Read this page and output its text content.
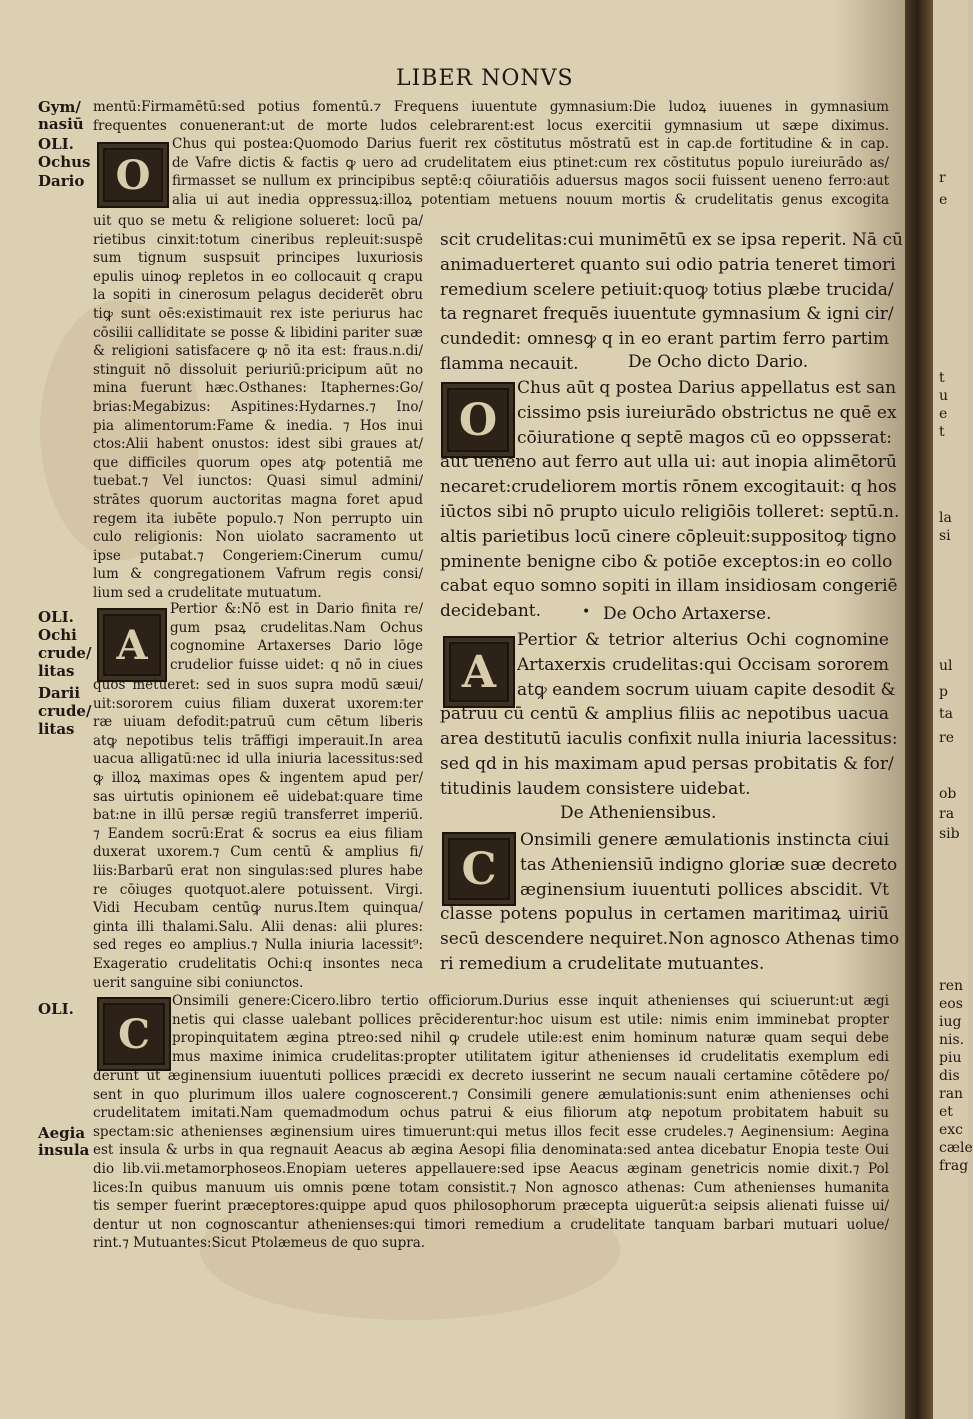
r
e
t
u
e
t
la
si
ul
p
ta
re
ob
ra
sib
ren
eos
iug
nis.
piu
dis
ran
et
exc
cæle
frag
LIBER NONVS
Gym/
nasiū
OLI.
Ochus
Dario
OLI.
Ochi
crude/
litas
Darii
crude/
litas
OLI.
Aegia
insula
mentū:Firmamētū:sed potius fomentū.⁊ Frequens iuuentute gymnasium:Die ludoꝝ iuuenes in gymnasium
frequentes conuenerant:ut de morte ludos celebrarent:est locus exercitii gymnasium ut sæpe diximus.
Chus qui postea:Quomodo Darius fuerit rex cōstitutus mōstratū est in cap.de fortitudine & in cap.
de Vafre dictis & factis ꝙ uero ad crudelitatem eius ptinet:cum rex cōstitutus populo iureiurādo as/
firmasset se nullum ex principibus septē:q cōiuratiōis aduersus magos socii fuissent ueneno ferro:aut
alia ui aut inedia oppressuꝝ:illoꝝ potentiam metuens nouum mortis & crudelitatis genus excogita
O
uit quo se metu & religione solueret: locū pa/
rietibus cinxit:totum cineribus repleuit:suspē
sum tignum suspsuit principes luxuriosis
epulis uinoꝙ repletos in eo collocauit q crapu
la sopiti in cinerosum pelagus deciderēt obru
tiꝙ sunt oēs:existimauit rex iste periurus hac
cōsilii calliditate se posse & libidini pariter suæ
& religioni satisfacere ꝙ nō ita est: fraus.n.di/
stinguit nō dissoluit periuriū:pricipum aūt no
mina fuerunt hæc.Osthanes: Itaphernes:Go/
brias:Megabizus: Aspitines:Hydarnes.⁊ Ino/
pia alimentorum:Fame & inedia. ⁊ Hos inui
ctos:Alii habent onustos: idest sibi graues at/
que difficiles quorum opes atꝙ potentiā me
tuebat.⁊ Vel iunctos: Quasi simul admini/
strātes quorum auctoritas magna foret apud
regem ita iubēte populo.⁊ Non perrupto uin
culo religionis: Non uiolato sacramento ut
ipse putabat.⁊ Congeriem:Cinerum cumu/
lum & congregationem Vafrum regis consi/
lium sed a crudelitate mutuatum.
scit crudelitas:cui munimētū ex se ipsa reperit. Nā cū
animaduerteret quanto sui odio patria teneret timori
remedium scelere petiuit:quoꝙ totius plæbe trucida/
ta regnaret frequēs iuuentute gymnasium & igni cir/
cundedit: omnesꝙ q in eo erant partim ferro partim
flamma necauit.	De Ocho dicto Dario.
O
Chus aūt q postea Darius appellatus est san
cissimo psis iureiurādo obstrictus ne quē ex
cōiuratione q septē magos cū eo oppsserat:
aut ueneno aut ferro aut ulla ui: aut inopia alimētorū
necaret:crudeliorem mortis rōnem excogitauit: q hos
iūctos sibi nō prupto uiculo religiōis tolleret: septū.n.
altis parietibus locū cinere cōpleuit:suppositoꝙ tigno
pminente benigne cibo & potiōe exceptos:in eo collo
cabat equo somno sopiti in illam insidiosam congeriē
decidebant.	De Ocho Artaxerse.
•
A
Pertior & tetrior alterius Ochi cognomine
Artaxerxis crudelitas:qui Occisam sororem
atꝙ eandem socrum uiuam capite desodit &
patruū cū centū & amplius filiis ac nepotibus uacua
area destitutū iaculis confixit nulla iniuria lacessitus:
sed qd in his maximam apud persas probitatis & for/
titudinis laudem consistere uidebat.
De Atheniensibus.
C
Onsimili genere æmulationis instincta ciui
tas Atheniensiū indigno gloriæ suæ decreto
æginensium iuuentuti pollices abscidit. Vt
classe potens populus in certamen maritimaꝝ uiriū
secū descendere nequiret.Non agnosco Athenas timo
ri remedium a crudelitate mutuantes.
A
Pertior &:Nō est in Dario finita re/
gum psaꝝ crudelitas.Nam Ochus
cognomine Artaxerses Dario lōge
crudelior fuisse uidet: q nō in ciues
quos metueret: sed in suos supra modū sæui/
uit:sororem cuius filiam duxerat uxorem:ter
ræ uiuam defodit:patruū cum cētum liberis
atꝙ nepotibus telis trāffigi imperauit.In area
uacua alligatū:nec id ulla iniuria lacessitus:sed
ꝙ illoꝝ maximas opes & ingentem apud per/
sas uirtutis opinionem eē uidebat:quare time
bat:ne in illū persæ regiū transferret imperiū.
⁊ Eandem socrū:Erat & socrus ea eius filiam
duxerat uxorem.⁊ Cum centū & amplius fi/
liis:Barbarū erat non singulas:sed plures habe
re cōiuges quotquot.alere potuissent. Virgi.
Vidi Hecubam centūꝙ nurus.Item quinqua/
ginta illi thalami.Salu. Alii denas: alii plures:
sed reges eo amplius.⁊ Nulla iniuria lacessit⁹:
Exageratio crudelitatis Ochi:q insontes neca
uerit sanguine sibi coniunctos.
C
Onsimili genere:Cicero.libro tertio officiorum.Durius esse inquit athenienses qui sciuerunt:ut ægi
netis qui classe ualebant pollices prēciderentur:hoc uisum est utile: nimis enim imminebat propter
propinquitatem ægina ptreo:sed nihil ꝙ crudele utile:est enim hominum naturæ quam sequi debe
mus maxime inimica crudelitas:propter utilitatem igitur athenienses id crudelitatis exemplum edi
derunt ut æginensium iuuentuti pollices præcidi ex decreto iusserint ne secum nauali certamine cōtēdere po/
sent in quo plurimum illos ualere cognoscerent.⁊ Consimili genere æmulationis:sunt enim athenienses ochi
crudelitatem imitati.Nam quemadmodum ochus patrui & eius filiorum atꝙ nepotum probitatem habuit su
spectam:sic athenienses æginensium uires timuerunt:qui metus illos fecit esse crudeles.⁊ Aeginensium: Aegina
est insula & urbs in qua regnauit Aeacus ab ægina Aesopi filia denominata:sed antea dicebatur Enopia teste Oui
dio lib.vii.metamorphoseos.Enopiam ueteres appellauere:sed ipse Aeacus æginam genetricis nomie dixit.⁊ Pol
lices:In quibus manuum uis omnis pœne totam consistit.⁊ Non agnosco athenas: Cum athenienses humanita
tis semper fuerint præceptores:quippe apud quos philosophorum præcepta uiguerūt:a seipsis alienati fuisse ui/
dentur ut non cognoscantur athenienses:qui timori remedium a crudelitate tanquam barbari mutuari uolue/
rint.⁊ Mutuantes:Sicut Ptolæmeus de quo supra.
